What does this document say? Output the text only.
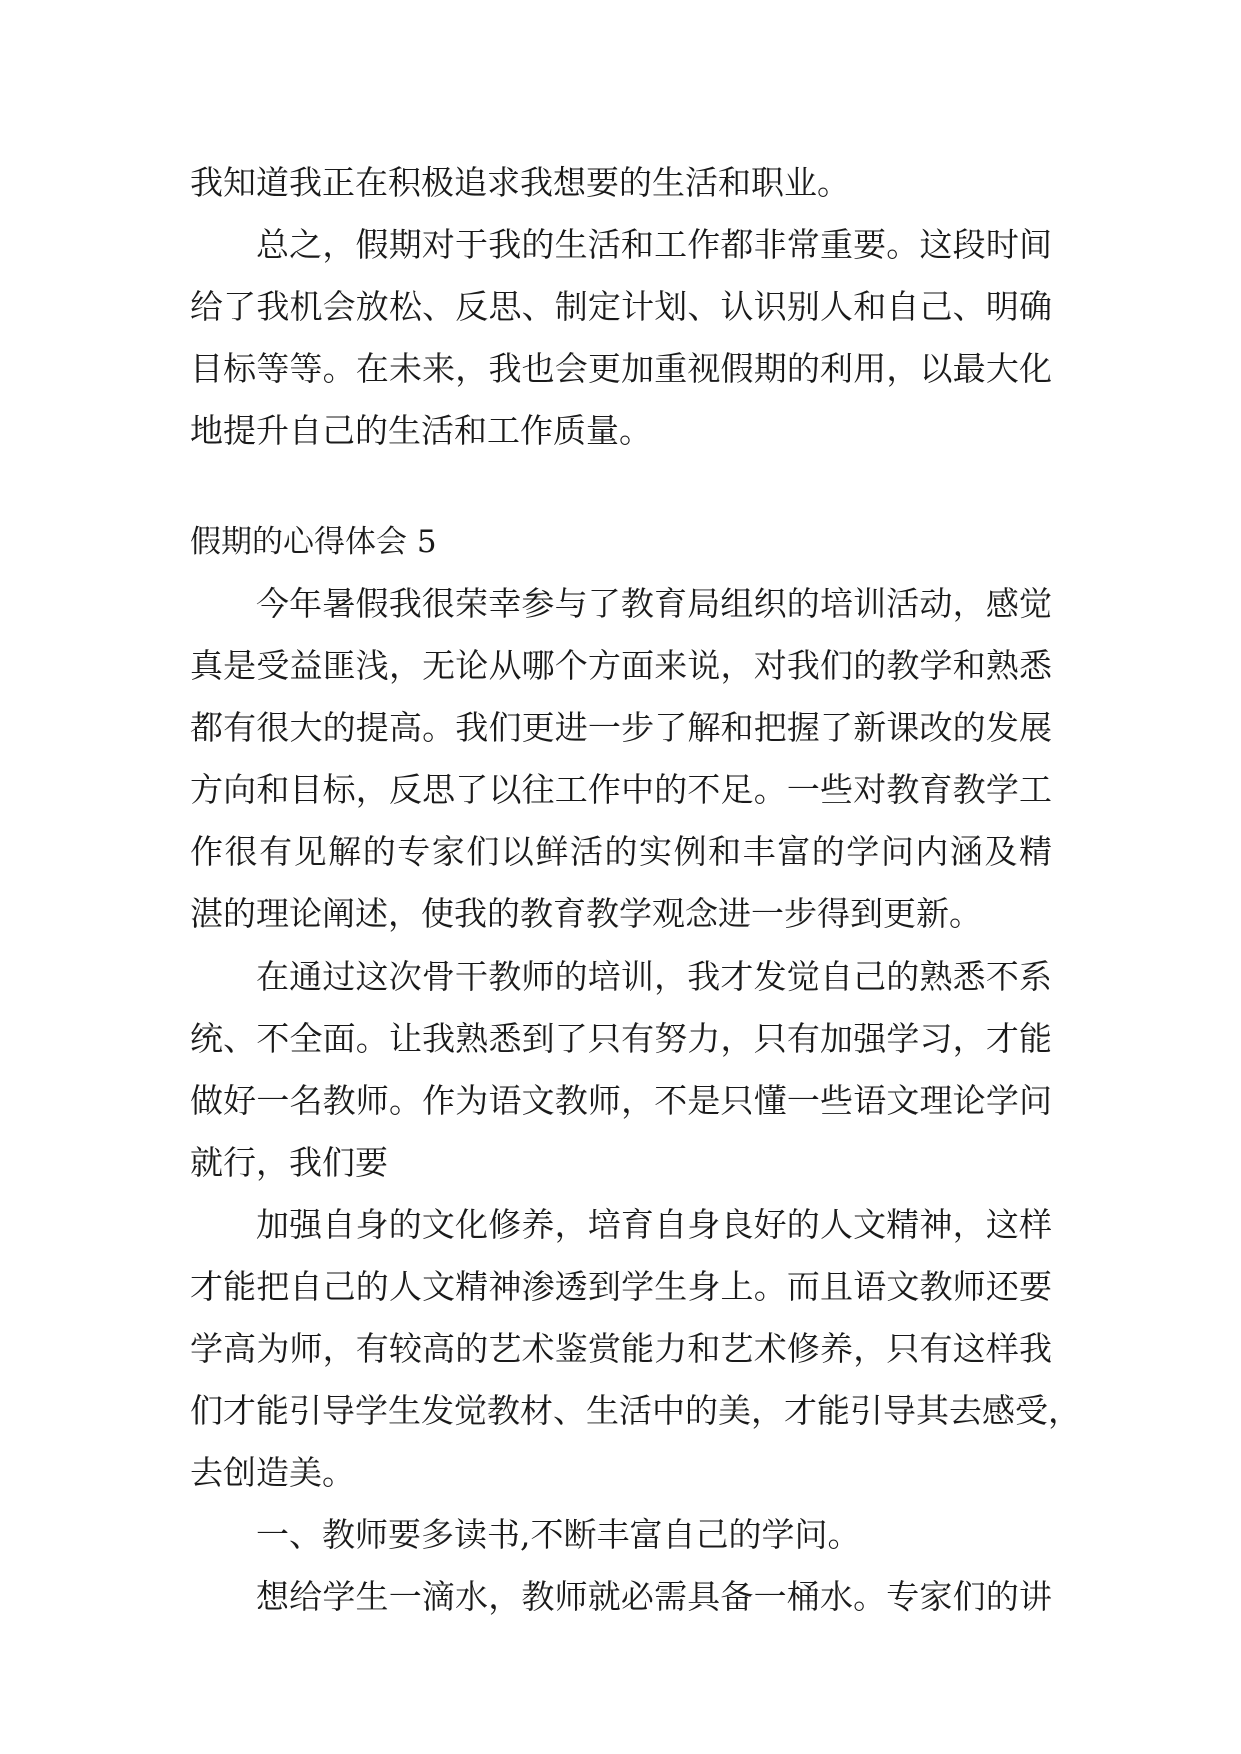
我知道我正在积极追求我想要的生活和职业。
总之，假期对于我的生活和工作都非常重要。这段时间
给了我机会放松、反思、制定计划、认识别人和自己、明确
目标等等。在未来，我也会更加重视假期的利用，以最大化
地提升自己的生活和工作质量。
假期的心得体会 5
今年暑假我很荣幸参与了教育局组织的培训活动，感觉
真是受益匪浅，无论从哪个方面来说，对我们的教学和熟悉
都有很大的提高。我们更进一步了解和把握了新课改的发展
方向和目标，反思了以往工作中的不足。一些对教育教学工
作很有见解的专家们以鲜活的实例和丰富的学问内涵及精
湛的理论阐述，使我的教育教学观念进一步得到更新。
在通过这次骨干教师的培训，我才发觉自己的熟悉不系
统、不全面。让我熟悉到了只有努力，只有加强学习，才能
做好一名教师。作为语文教师，不是只懂一些语文理论学问
就行，我们要
加强自身的文化修养，培育自身良好的人文精神，这样
才能把自己的人文精神渗透到学生身上。而且语文教师还要
学高为师，有较高的艺术鉴赏能力和艺术修养，只有这样我
们才能引导学生发觉教材、生活中的美，才能引导其去感受，
去创造美。
一、教师要多读书,不断丰富自己的学问。
想给学生一滴水，教师就必需具备一桶水。专家们的讲
